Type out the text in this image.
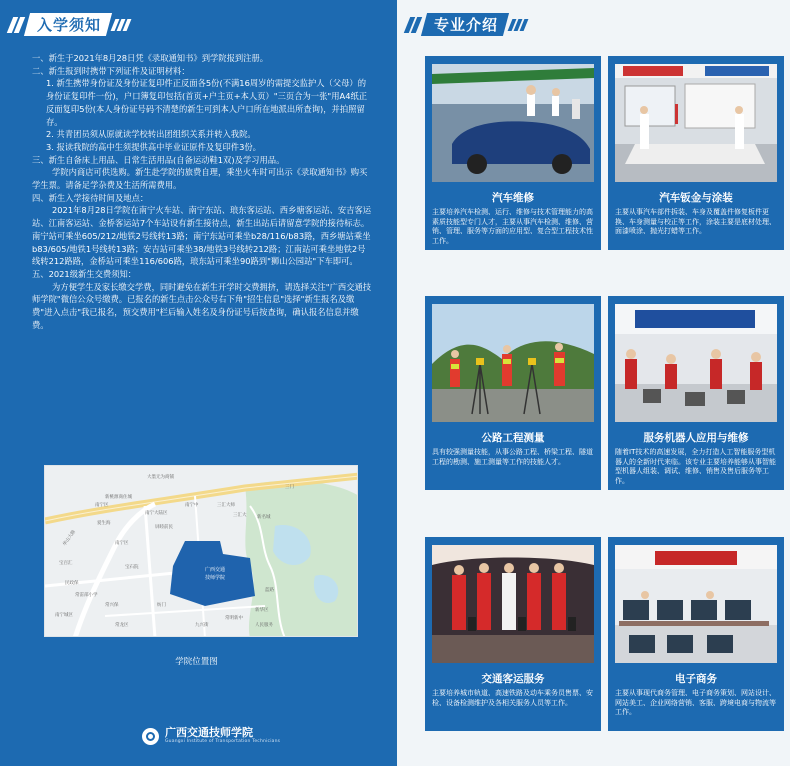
入学须知

一、新生于2021年8月28日凭《录取通知书》到学院报到注册。

二、新生报到时携带下列证件及证明材料：

1. 新生携带身份证及身份证复印件正反面各5份(不满16周岁的需提交监护人（父母）的身份证复印件一份)，户口簿复印包括(首页+户主页+本人页）"三页合为一张"用A4纸正反面复印5份(本人身份证号码不清楚的新生可到本人户口所在地派出所查询)，并拍照留存。

2. 共青团员须从原就读学校转出团组织关系并转入我院。

3. 报读我院的高中生须提供高中毕业证原件及复印件3份。

三、新生自备床上用品、日常生活用品(自备运动鞋1双)及学习用品。

学院内商店可供选购。新生赴学院的旅费自理，乘坐火车时可出示《录取通知书》购买学生票。请备足学杂费及生活所需费用。

四、新生入学接待时间及地点：

2021年8月28日学院在南宁火车站、南宁东站、琅东客运站、西乡塘客运站、安吉客运站、江南客运站、金桥客运站7个车站设有新生接待点，新生出站后请留意学院的接待标志。南宁站可乘坐605/212/地铁2号线转13路；南宁东站可乘坐b28/116/b83路，西乡塘站乘坐b83/605/地铁1号线转13路；安吉站可乘坐38/地铁3号线转212路；江南站可乘坐地铁2号线转212路路，金桥站可乘坐116/606路，琅东站可乘坐90路到"狮山公园站"下车即可。

五、2021级新生交费须知：

为方便学生及家长缴交学费，同时避免在新生开学时交费拥挤，请选择关注"广西交通技师学院"微信公众号缴费。已报名的新生点击公众号右下角"招生信息"选择"新生报名及缴费"进入点击"我已报名，预交费用"栏后输入姓名及身份证号后按查询，确认报名信息并缴费。

大墨无为商铺
新桃源商住城
南宁大陆区
南宁区
爱生海
屏睦前民
南宁中	三汇大师
三汇大
广西交通
技师学院
南宁区
宝石院
宝百汇
民政保
常雷部小学
华山大路
常兴保	纺门
九兴街
新名城
蓝路
新华区
常明新中
人民服务
常龙区
南宁城区
三门
学院位置图
广西交通技师学院
Guangxi Institute of Transportation Technicians
专业介绍
汽车维修
主要培养汽车检测、运行、维修与技术管理能力的高素质技能型专门人才，主要从事汽车检测、维修、营销、管理、服务等方面的应用型、复合型工程技术性工作。
汽车钣金与涂装
主要从事汽车部件拆装、车身及覆盖件修复板件更换、车身测量与校正等工作，涂装主要是底材处理、面漆喷涂、抛光打蜡等工作。
公路工程测量
具有较强测量技能，从事公路工程、桥梁工程、隧道工程的勘测、施工测量等工作的技能人才。
服务机器人应用与维修
随着IT技术的高速发展，全力打造人工智能服务型机器人的全新时代来临。该专业主要培养能够从事智能型机器人组装、调试、维修、销售及售后服务等工作。
交通客运服务
主要培养城市轨道、高速铁路及动车乘务员售票、安检、设备检测维护及各相关服务人员等工作。
电子商务
主要从事现代商务管理、电子商务策划、网站设计、网站美工、企业网络营销、客服、跨境电商与物流等工作。
